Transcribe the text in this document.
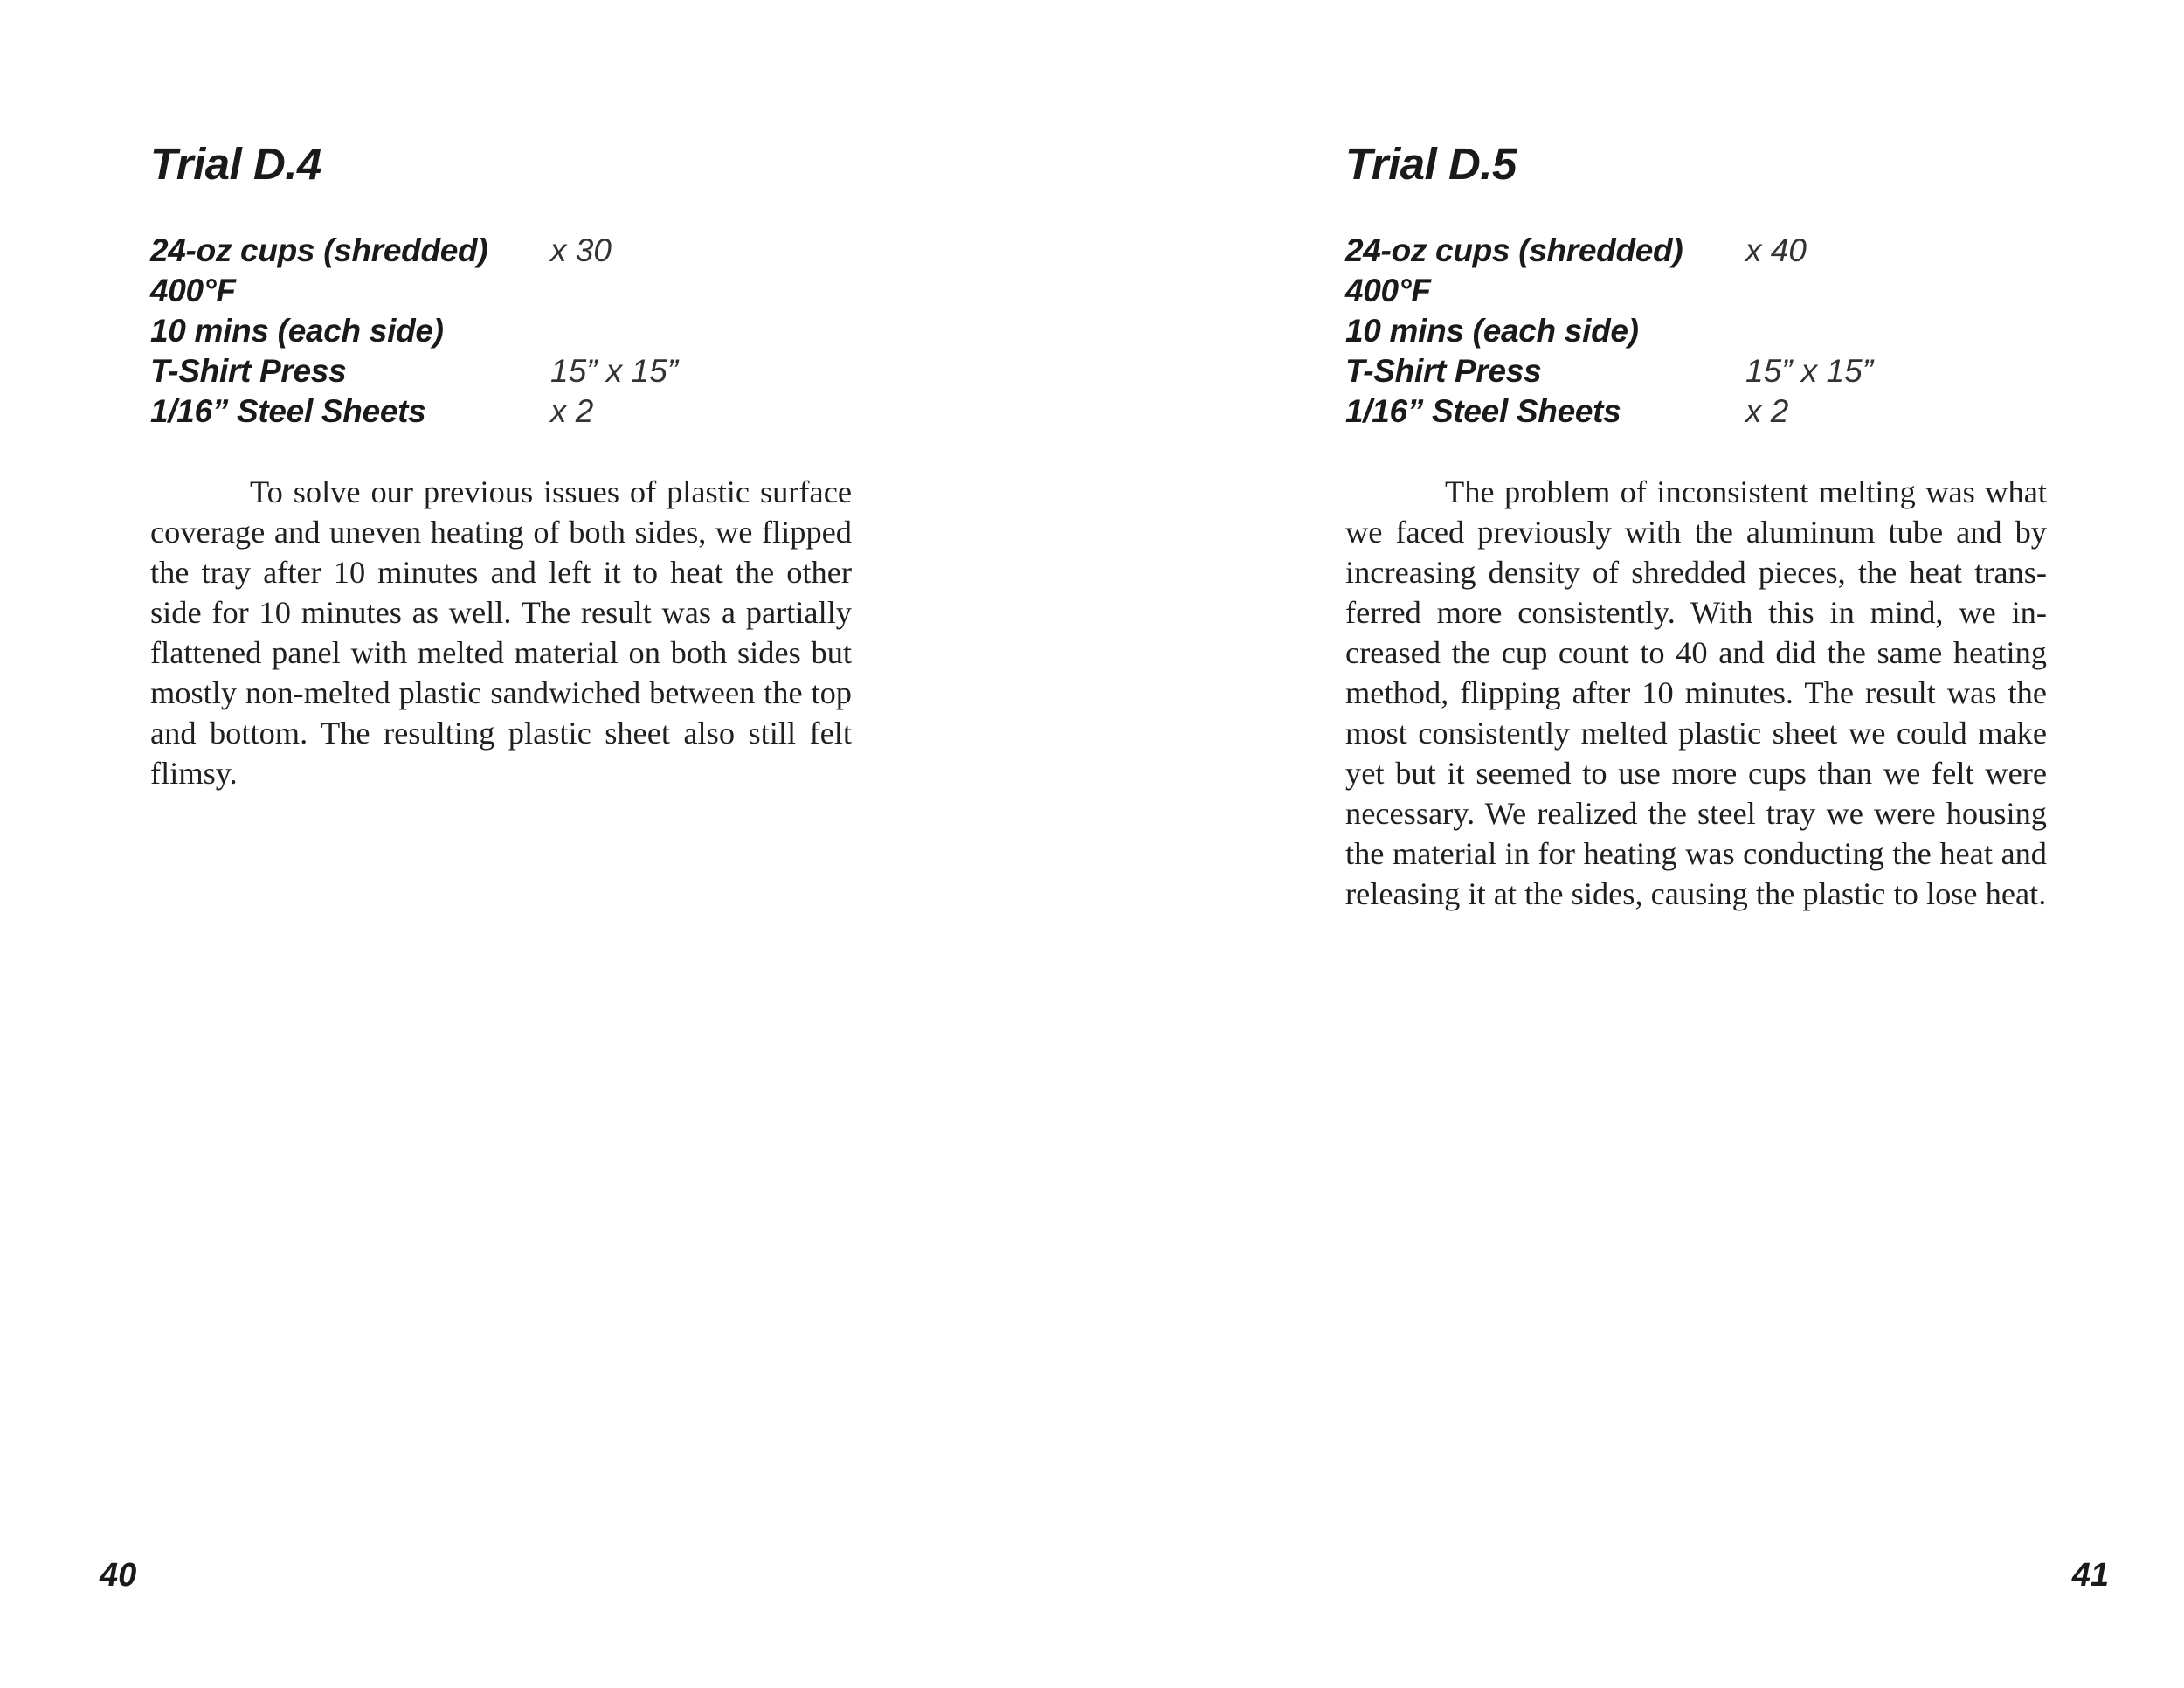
Trial D.4
24-oz cups (shredded)	x 30
400°F
10 mins (each side)
T-Shirt Press	15” x 15”
1/16” Steel Sheets	x 2

To solve our previous issues of plastic surface coverage and uneven heating of both sides, we flipped the tray after 10 minutes and left it to heat the other side for 10 minutes as well. The result was a partially flattened panel with melted material on both sides but mostly non-melted plastic sandwiched between the top and bottom. The resulting plastic sheet also still felt flimsy.

40
Trial D.5
24-oz cups (shredded)	x 40
400°F
10 mins (each side)
T-Shirt Press	15” x 15”
1/16” Steel Sheets	x 2

The problem of inconsistent melting was what we faced previously with the aluminum tube and by increasing density of shredded pieces, the heat transferred more consistently. With this in mind, we increased the cup count to 40 and did the same heating method, flipping after 10 minutes. The result was the most consistently melted plastic sheet we could make yet but it seemed to use more cups than we felt were necessary. We realized the steel tray we were housing the material in for heating was conducting the heat and releasing it at the sides, causing the plastic to lose heat.

41
